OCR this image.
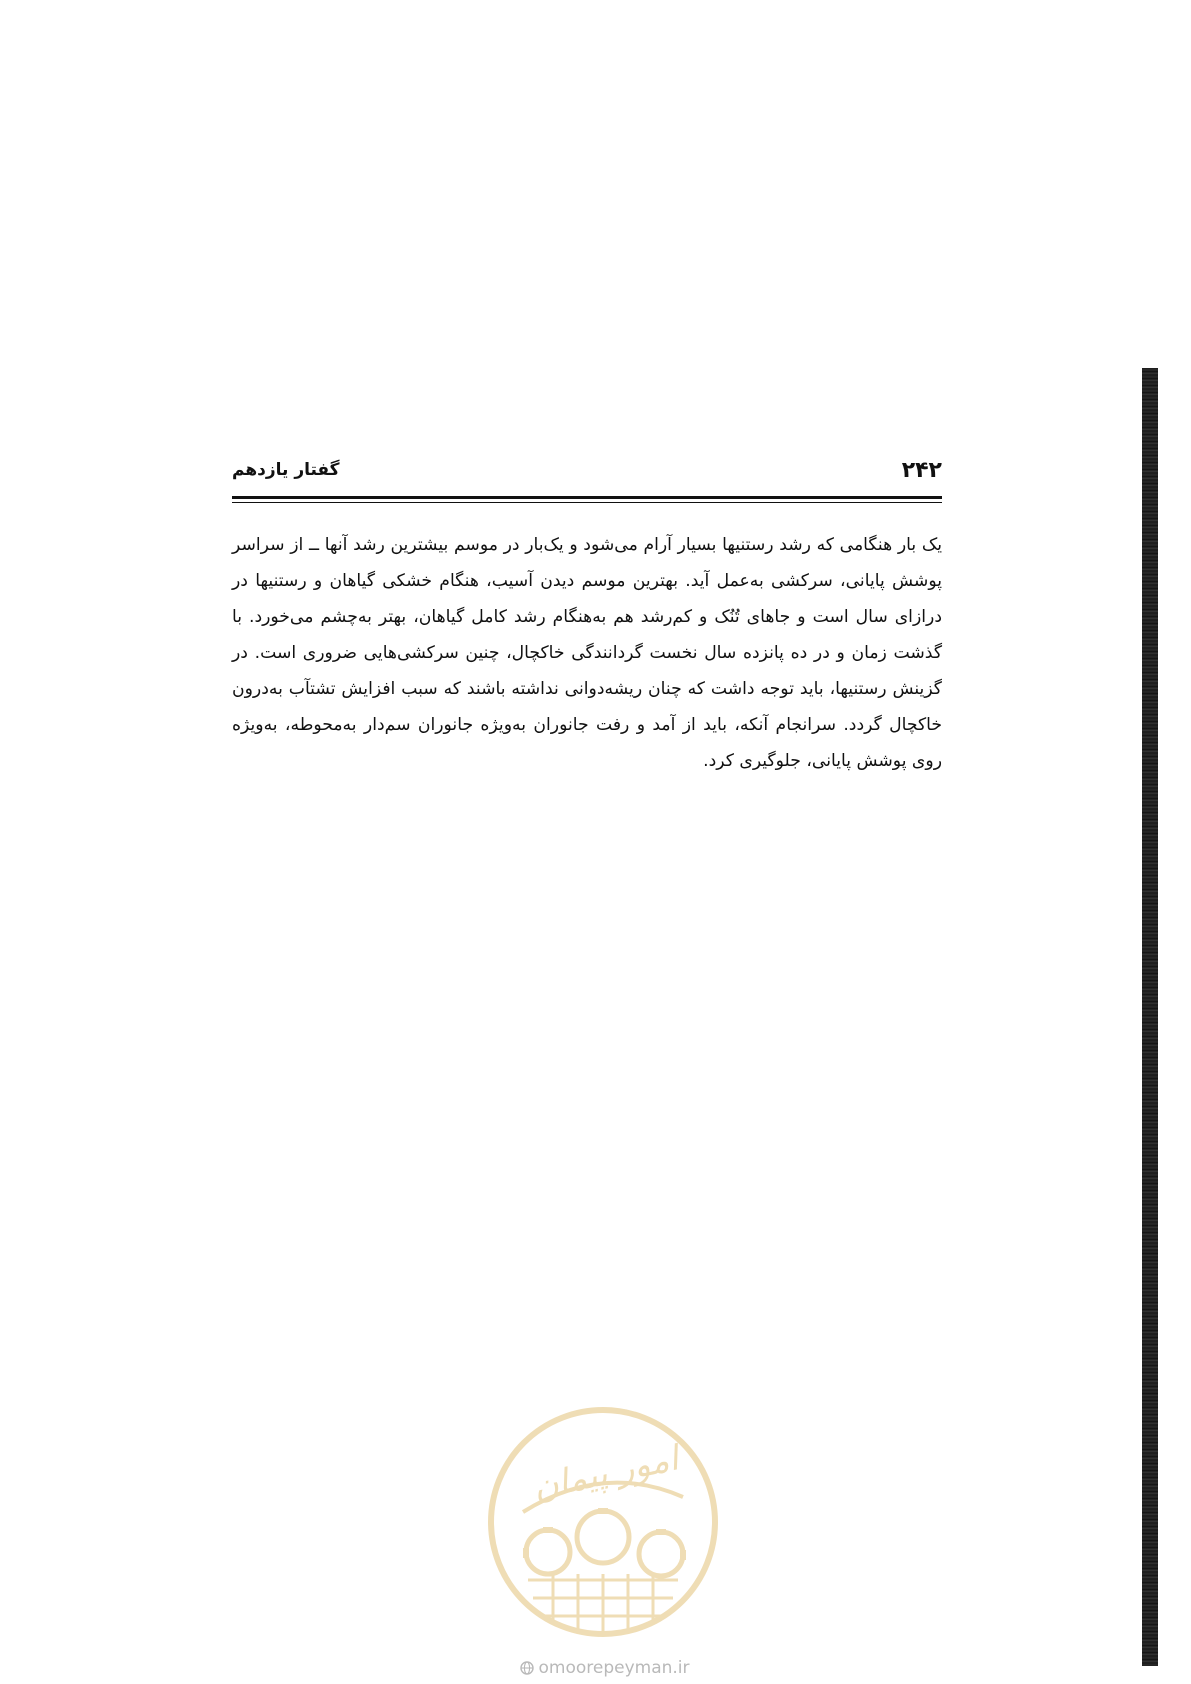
۲۴۲
گفتار یازدهم

یک بار هنگامی که رشد رستنیها بسیار آرام می‌شود و یک‌بار در موسم بیشترین رشد آنها ــ از سراسر پوشش پایانی، سرکشی به‌عمل آید. بهترین موسم دیدن آسیب، هنگام خشکی گیاهان و رستنیها در درازای سال است و جاهای تُنُک و کم‌رشد هم به‌هنگام رشد کامل گیاهان، بهتر به‌چشم می‌خورد. با گذشت زمان و در ده پانزده سال نخست گردانندگی خاکچال، چنین سرکشی‌هایی ضروری است. در گزینش رستنیها، باید توجه داشت که چنان ریشه‌دوانی نداشته باشند که سبب افزایش تشتآب به‌درون خاکچال گردد. سرانجام آنکه، باید از آمد و رفت جانوران به‌ویژه جانوران سم‌دار به‌محوطه، به‌ویژه روی پوشش پایانی، جلوگیری کرد.

امور پیمان
omoorepeyman.ir
